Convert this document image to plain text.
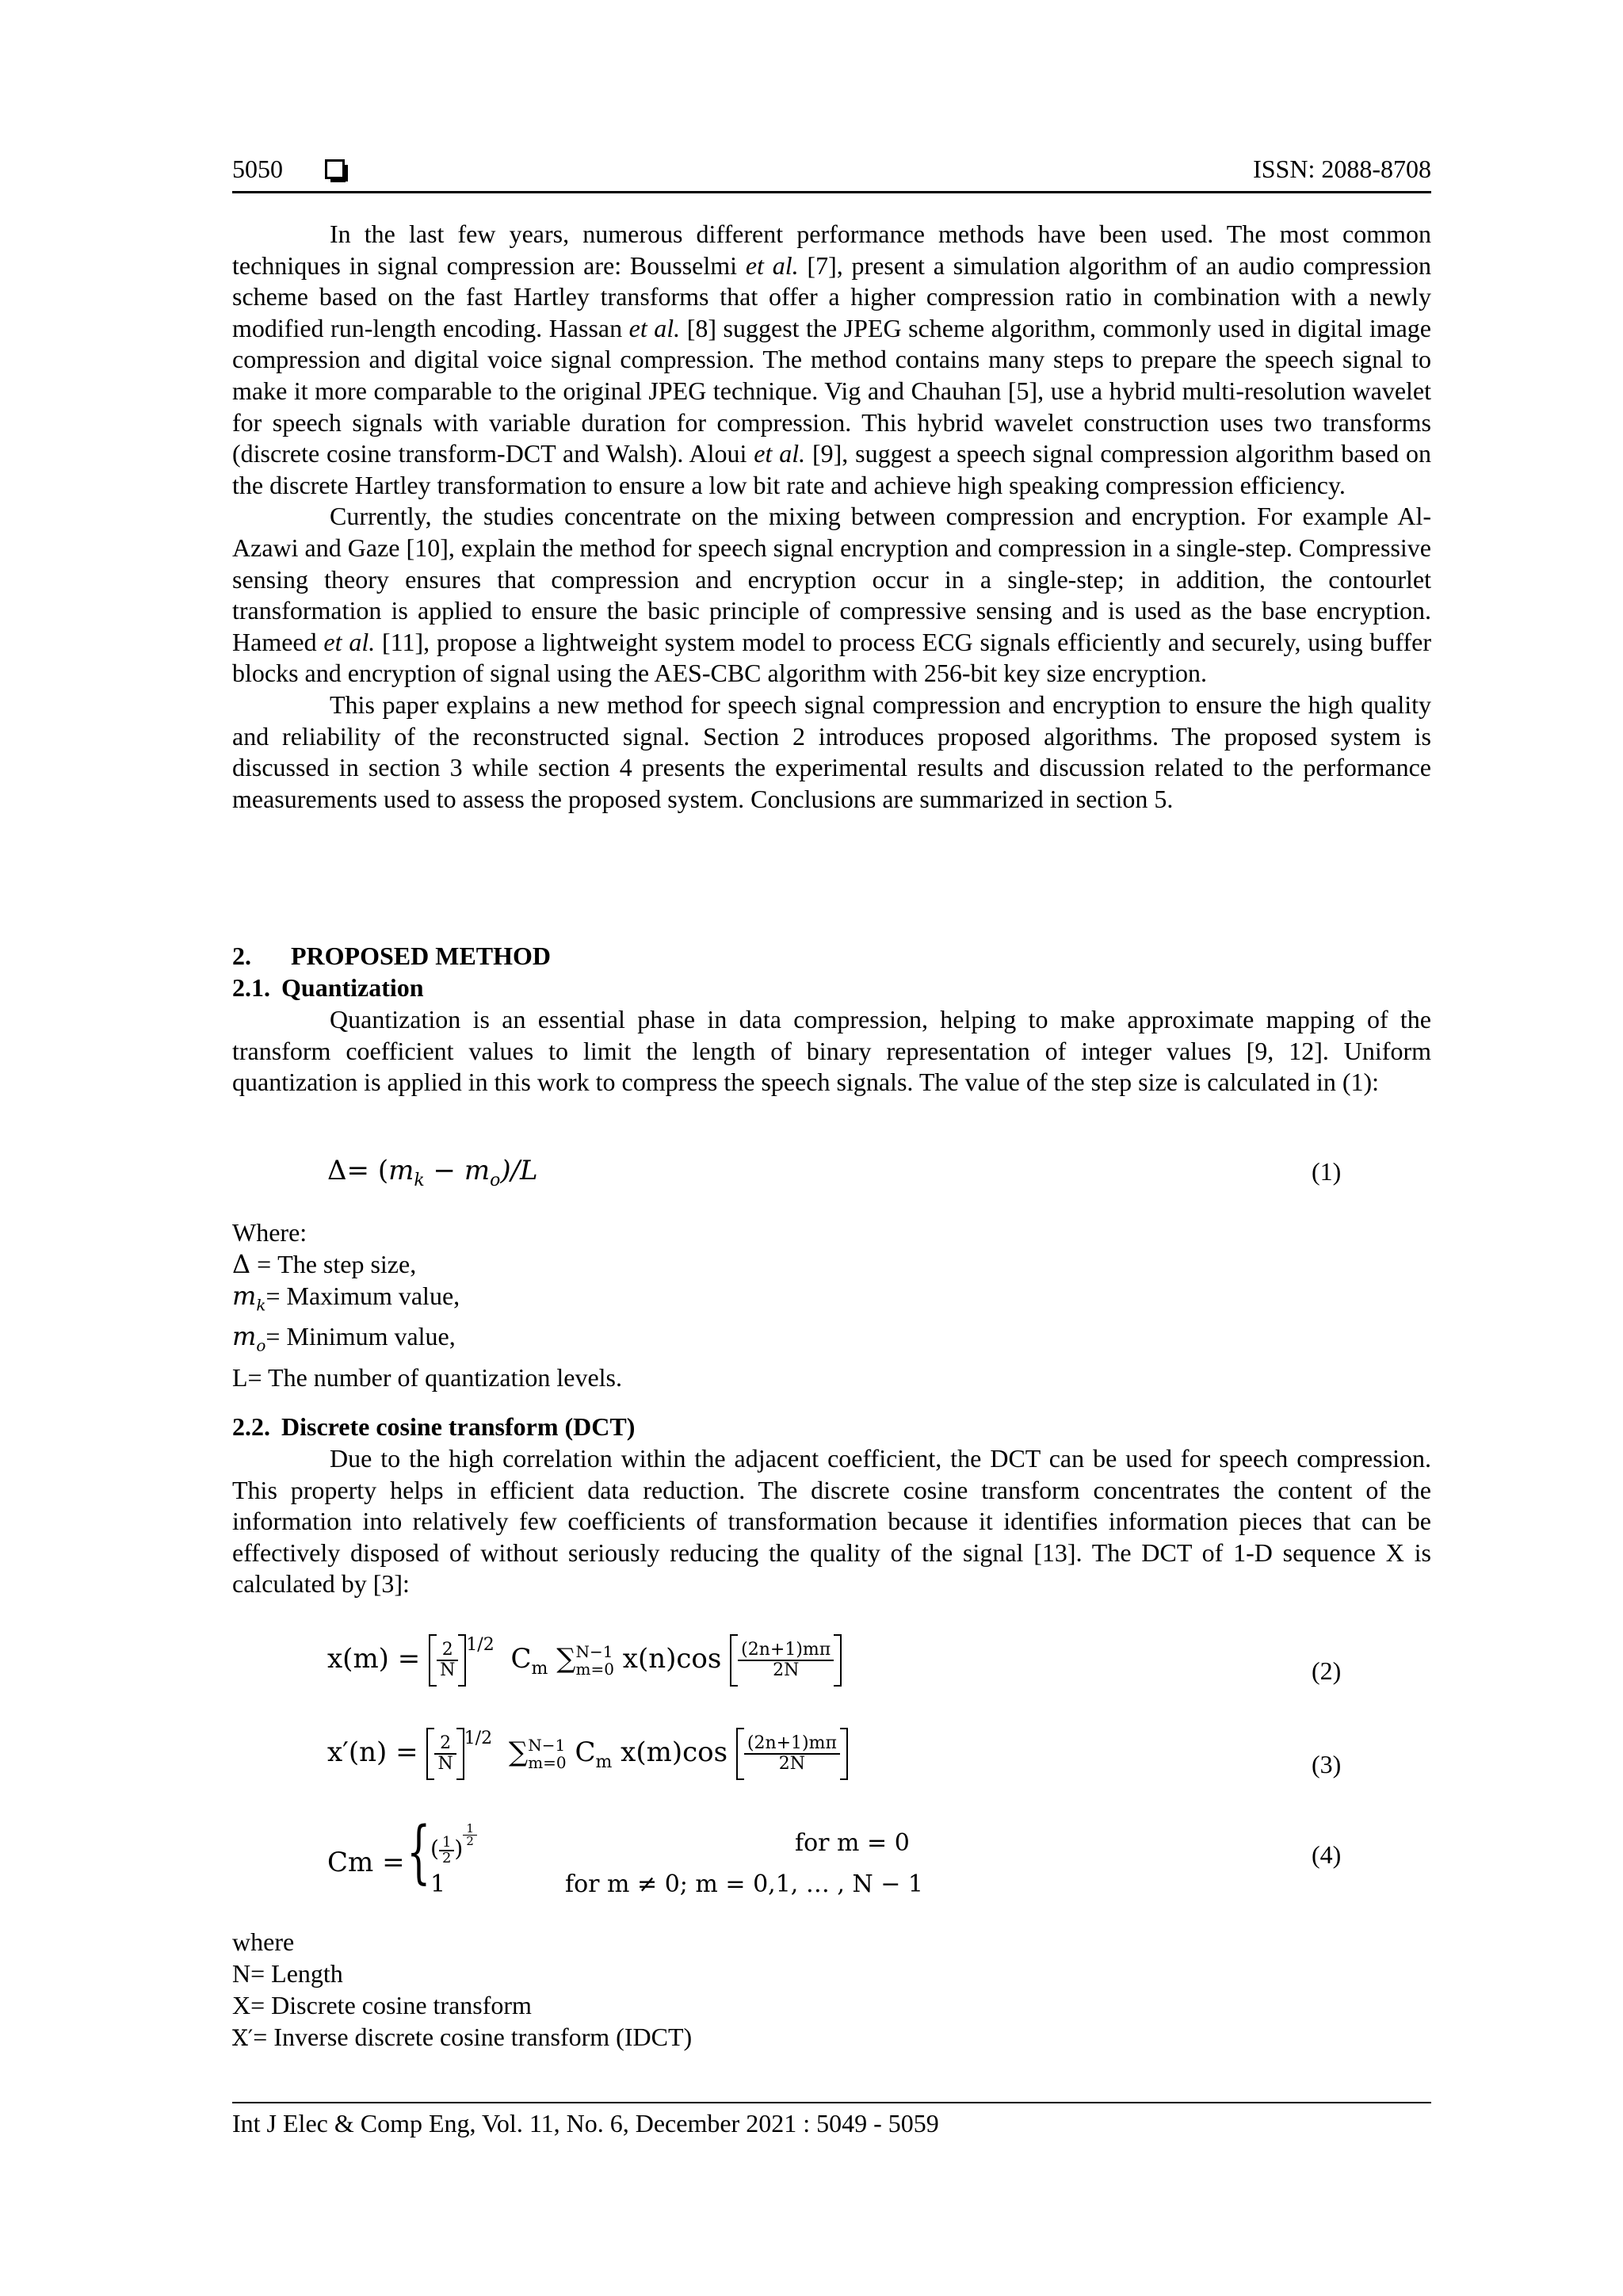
5050	ISSN: 2088-8708

In the last few years, numerous different performance methods have been used. The most common techniques in signal compression are: Bousselmi et al. [7], present a simulation algorithm of an audio compression scheme based on the fast Hartley transforms that offer a higher compression ratio in combination with a newly modified run-length encoding. Hassan et al. [8] suggest the JPEG scheme algorithm, commonly used in digital image compression and digital voice signal compression. The method contains many steps to prepare the speech signal to make it more comparable to the original JPEG technique. Vig and Chauhan [5], use a hybrid multi-resolution wavelet for speech signals with variable duration for compression. This hybrid wavelet construction uses two transforms (discrete cosine transform-DCT and Walsh). Aloui et al. [9], suggest a speech signal compression algorithm based on the discrete Hartley transformation to ensure a low bit rate and achieve high speaking compression efficiency.

Currently, the studies concentrate on the mixing between compression and encryption. For example Al-Azawi and Gaze [10], explain the method for speech signal encryption and compression in a single-step. Compressive sensing theory ensures that compression and encryption occur in a single-step; in addition, the contourlet transformation is applied to ensure the basic principle of compressive sensing and is used as the base encryption. Hameed et al. [11], propose a lightweight system model to process ECG signals efficiently and securely, using buffer blocks and encryption of signal using the AES-CBC algorithm with 256-bit key size encryption.

This paper explains a new method for speech signal compression and encryption to ensure the high quality and reliability of the reconstructed signal. Section 2 introduces proposed algorithms. The proposed system is discussed in section 3 while section 4 presents the experimental results and discussion related to the performance measurements used to assess the proposed system. Conclusions are summarized in section 5.

2. PROPOSED METHOD
2.1. Quantization

Quantization is an essential phase in data compression, helping to make approximate mapping of the transform coefficient values to limit the length of binary representation of integer values [9, 12]. Uniform quantization is applied in this work to compress the speech signals. The value of the step size is calculated in (1):

$\Delta= (m_k - m_o)/L$	(1)
Where:
Δ = The step size,
$m_k=$ Maximum value,
$m_o=$ Minimum value,
L= The number of quantization levels.
2.2. Discrete cosine transform (DCT)

Due to the high correlation within the adjacent coefficient, the DCT can be used for speech compression. This property helps in efficient data reduction. The discrete cosine transform concentrates the content of the information into relatively few coefficients of transformation because it identifies information pieces that can be effectively disposed of without seriously reducing the quality of the signal [13]. The DCT of 1-D sequence X is calculated by [3]:

$x(m) = \frac{2}{N} ^{1/2}$ $C_m$ ∑ N−1
m=0 $x(n)\cos \frac{(2n+1)m\pi}{2N}$	(2)
$x'(n) = \frac{2}{N} ^{1/2}$ ∑ N−1
m=0 $C_m$ $x(m)\cos \frac{(2n+1)m\pi}{2N}$	(3)
Cm = { ( $\frac{1}{2}$ )
$\frac{1}{2}$
1
for m = 0
for m ≠ 0; m = 0,1, … , N − 1
(4)
where
N= Length
X= Discrete cosine transform
X′= Inverse discrete cosine transform (IDCT)
Int J Elec & Comp Eng, Vol. 11, No. 6, December 2021 : 5049 - 5059
